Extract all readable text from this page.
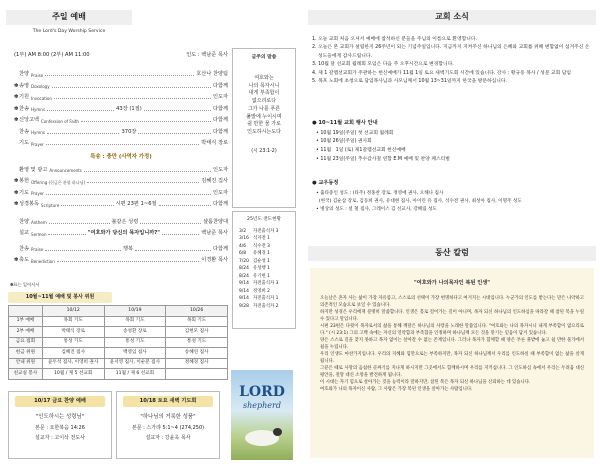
주일 예배
The Lord's Day Worship Service
(1부) AM 8:00 (2부) AM 11:00	인도 : 백남준 목사
찬양 Praise	호산나 찬양팀
✽ 송영 Doxology	다함께
✽ 기원 Invocation	인도자
✽ 찬송 Hymns	43장 (1절)	다함께
✽ 신앙고백 Confession of Faith	다함께
찬송 Hymns	370장	다함께
기도 Prayer	박태식 장로
특송 : 충만 (사역자 가정)
환영 및 광고 Announcements	인도자
✽ 봉헌 Offering (헌금은 관광 하나님)	김혜진 집사
✽ 기도 Prayer	인도자
✽ 성경봉독 Scripture	시편 23편 1~6절	다함께
찬양 Anthem	불같은 성령	샬롬찬양대
설교 Sermon	"여호와가 당신의 목자입니까?"	백남준 목사
찬송 Praise	행복	다함께
✽ 축도 Benediction	이경환 목사
✽표는 일어서서
금주의 말씀
여호와는
나의 목자시니
내게 부족함이
없으리로다
그가 나를 푸른
풀밭에 누이시며
쉴 만한 물 가로
인도하시는도다
(시 23:1-2)
25년도 전도현황
3/2 자전출석자 3
3/16 석자전 1
4/6 석수전 3
6/8 유혜경 1
7/20 김순성 1
8/24 유성행 1
8/24 유기현 1
9/14 자전출석자 3
9/14 정영희 2
9/14 자전출석자 1
9/28 자전출석자 2
10월~11월 예배 및 봉사 위원
	10/12	10/19	10/26
1부 예배	목회 기도	목회 기도	목회 기도
2부 예배	박태식 장로	송성환 장로	김현모 집사
금요 집회	통성 기도	통성 기도	통성 기도
헌금 위원	김혜진 집사	백영임 집사	송혜연 집사
안내 위원	윤두석 집사, 이영희 권사	윤서영 집사, 이순분 집사	정혜경 집사
친교실 봉사	10월 / 제 5 선교회	11월 / 제 6 선교회	
10/17 금요 찬양 예배
"인도하시는 성령님"
본문 : 요한복음 14:26
설교자 : 고이삭 전도사
10/18 토요 새벽 기도회
"하나님의 거룩한 성품"
본문 : 스가랴 5:1~4 (274,250)
설교자 : 강윤욱 목사
LORD
shepherd
교회 소식
1. 오늘 교회 처음 오셔서 예배에 참석하신 분들을 주님의 이름으로 환영합니다.
2. 오늘은 본 교회가 설립한지 26주년이 되는 기념주일입니다. 지금까지 지켜주신 하나님의 은혜와 교회를 위해 변함없이 섬겨주신 온 성도들에게 감사드립니다.
3. 10월 달 선교회 월례회 모임은 다음 주 오후시간으로 변경합니다.
4. 제 1 갈렙선교회가 주관하는 헌신예배가 11월 1일 토요 새벽기도회 시간에 있습니다. 강사 : 황규동 목사 / 성문 교회 담임
5. 목포 노회에 초청으로 담임목사님과 사모님께서 10월 13~31일까지 한국을 방문하십니다.
● 10~11월 교회 행사 안내
• 10월 19일(주일) 첫 선교회 월례회
• 10월 26일(주일) 권사회
• 11월   1일 (토) 제1갈렙선교회 헌신예배
• 11월 23일(주일) 추수감사절 연합 E.M 예배 및 찬양 페스티벌
● 교우동정
• 출타중인 성도 : (타주) 정홍찬 장로, 정영애 권사, 오해나 집사
(한국) 김순삼 장로, 김동희 권사, 유대현 집사, 아이린 유 집사, 석수전 권사, 최성아 집사, 이명주 성도
• 병상의 성도 : 설 철 집사, 그레이스 김 선교사, 강혜림 성도
동산 칼럼
"여호와가 나의목자인 복된 인생"
오늘날은 혼자 사는 삶이 가장 자유롭고, 스스로의 선택이 가장 현명하다고 여겨지는 시대입니다. 누군가의 인도를 받는다는 말은 나약하고 의존적인 모습으로 보일 수 있습니다.
하지만 성경은 우리에게 분명히 말씀합니다. 인생은 홀로 걸어가는 길이 아니며, 목자 되신 하나님의 인도하심을 따라갈 때 참된 복을 누릴 수 있다고 말입니다.
시편 23편은 다윗이 목자로서의 삶을 통해 깨달은 하나님의 사랑을 노래한 말씀입니다. "여호와는 나의 목자시니 내게 부족함이 없으리로다." (시 23:1) 그의 고백 속에는 자신의 연약함과 부족함을 인정하며 하나님께 모든 것을 맡기는 믿음이 담겨 있습니다.
양은 스스로 길을 찾지 못하고 목자 없이는 살아갈 수 없는 존재입니다. 그러나 목자가 함께할 때 양은 푸른 풀밭에 눕고 쉴 만한 물가에서 쉼을 누립니다.
우리 인생도 마찬가지입니다. 우리의 지혜와 힘만으로는 부족하지만, 목자 되신 하나님께서 우리를 인도하실 때 부족함이 없는 삶을 살게 됩니다.
그분은 때로 사망의 음침한 골짜기를 지나게 하시지만 그곳에서도 함께하시며 우리를 지키십니다. 그 인도하심 속에서 우리는 두려움 대신 평안을, 절망 대신 소망을 발견하게 됩니다.
이 시대는 자기 힘으로 살아가는 것을 능력이라 말하지만, 참된 복은 목자 되신 하나님을 신뢰하는 데 있습니다.
여호와가 나의 목자이신 사람, 그 사람은 가장 복된 인생을 살아가는 사람입니다.
